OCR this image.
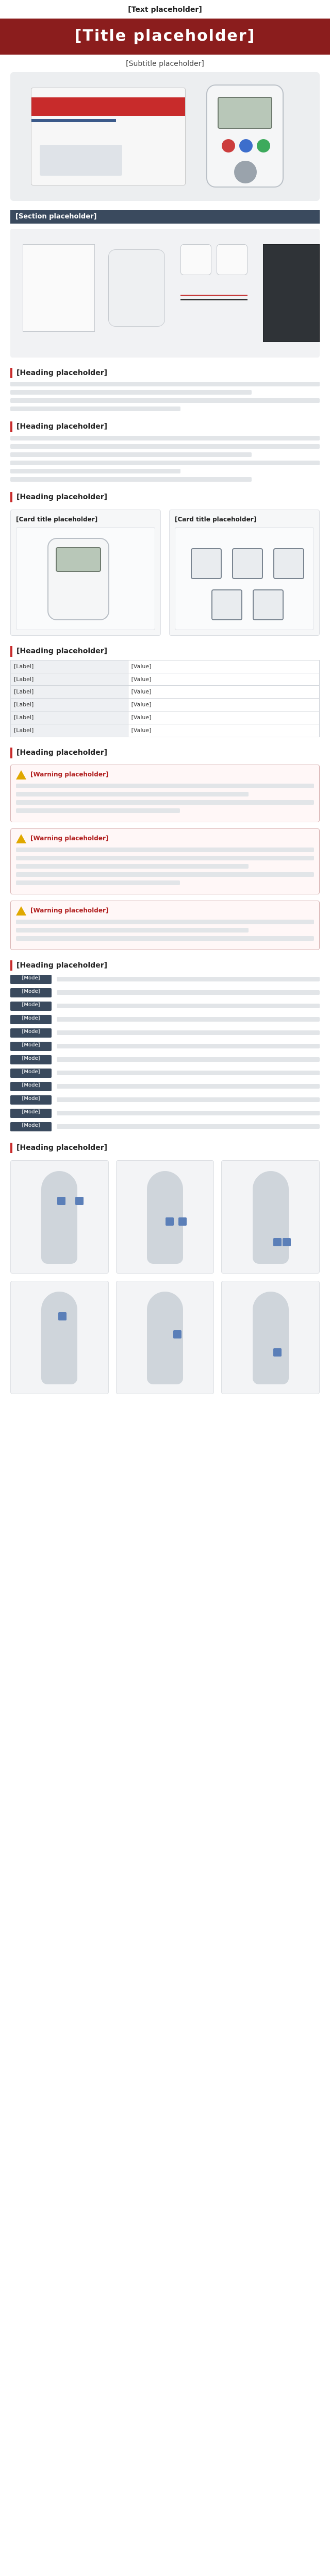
[Text placeholder]
[Title placeholder]
[Subtitle placeholder]
[Section placeholder]
[Heading placeholder]
[Heading placeholder]
[Heading placeholder]
[Card title placeholder]	[Card title placeholder]
[Heading placeholder]
[Label]	[Value]
[Label]	[Value]
[Label]	[Value]
[Label]	[Value]
[Label]	[Value]
[Label]	[Value]
[Heading placeholder]
[Warning placeholder]
[Warning placeholder]
[Warning placeholder]
[Heading placeholder]
[Mode]
[Mode]
[Mode]
[Mode]
[Mode]
[Mode]
[Mode]
[Mode]
[Mode]
[Mode]
[Mode]
[Mode]
[Heading placeholder]
